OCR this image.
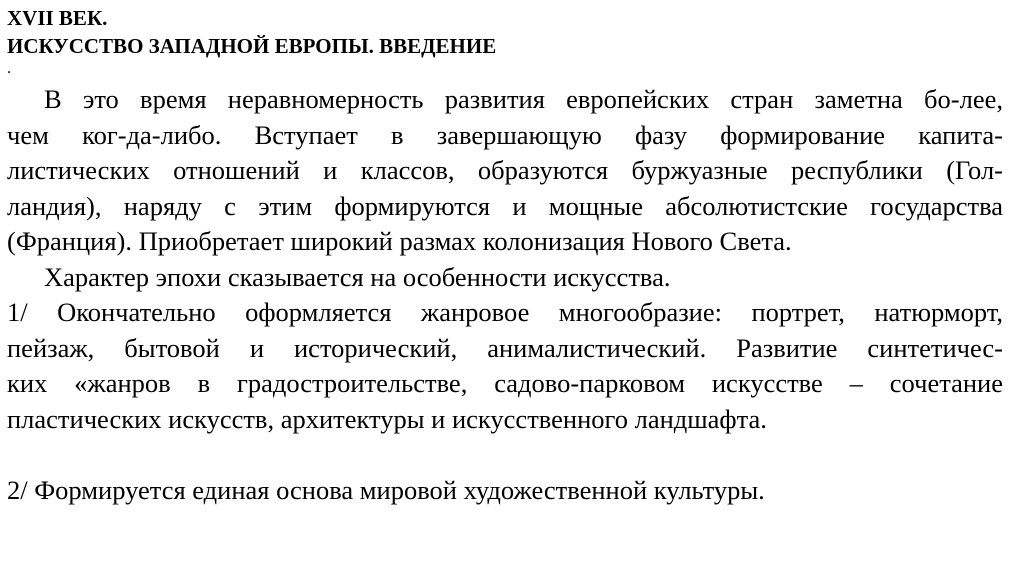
XVII ВЕК.
ИСКУССТВО ЗАПАДНОЙ ЕВРОПЫ. ВВЕДЕНИЕ
.
В это время неравномерность развития европейских стран заметна бо-лее,
чем ког-да-либо. Вступает в завершающую фазу формирование капита-
листических отношений и классов, образуются буржуазные республики (Гол-
ландия), наряду с этим формируются и мощные абсолютистские государства
(Франция). Приобретает широкий размах колонизация Нового Света.
Характер эпохи сказывается на особенности искусства.
1/ Окончательно оформляется жанровое многообразие: портрет, натюрморт,
пейзаж, бытовой и исторический, анималистический. Развитие синтетичес-
ких «жанров в градостроительстве, садово-парковом искусстве – сочетание
пластических искусств, архитектуры и искусственного ландшафта.
2/ Формируется единая основа мировой художественной культуры.
